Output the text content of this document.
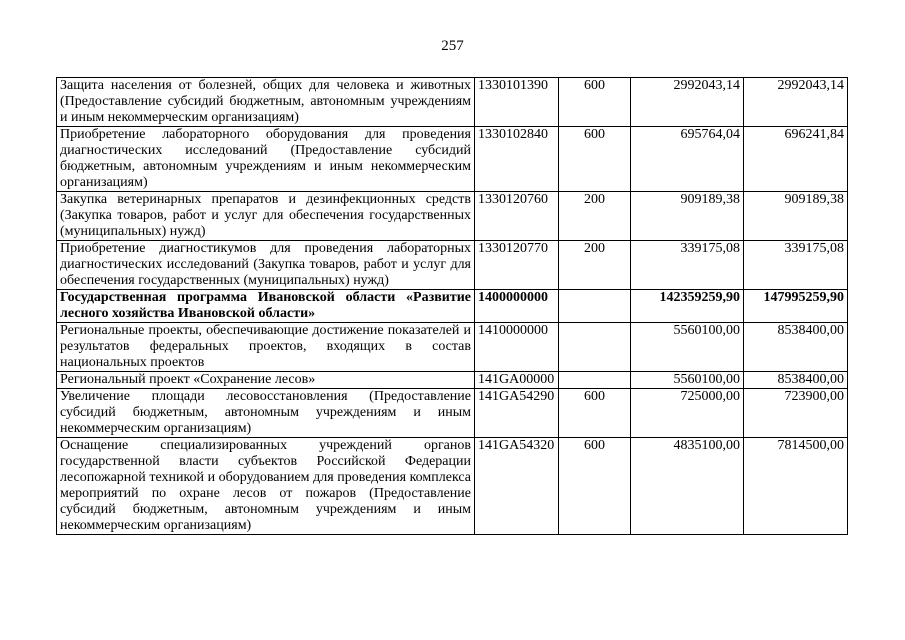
257
Защита населения от болезней, общих для человека и животных (Предоставление субсидий бюджетным, автономным учреждениям и иным некоммерческим организациям)	1330101390	600	2992043,14	2992043,14
Приобретение лабораторного оборудования для проведения диагностических исследований (Предоставление субсидий бюджетным, автономным учреждениям и иным некоммерческим организациям)	1330102840	600	695764,04	696241,84
Закупка ветеринарных препаратов и дезинфекционных средств (Закупка товаров, работ и услуг для обеспечения государственных (муниципальных) нужд)	1330120760	200	909189,38	909189,38
Приобретение диагностикумов для проведения лабораторных диагностических исследований (Закупка товаров, работ и услуг для обеспечения государственных (муниципальных) нужд)	1330120770	200	339175,08	339175,08
Государственная программа Ивановской области «Развитие лесного хозяйства Ивановской области»	1400000000		142359259,90	147995259,90
Региональные проекты, обеспечивающие достижение показателей и результатов федеральных проектов, входящих в состав национальных проектов	1410000000		5560100,00	8538400,00
Региональный проект «Сохранение лесов»	141GA00000		5560100,00	8538400,00
Увеличение площади лесовосстановления (Предоставление субсидий бюджетным, автономным учреждениям и иным некоммерческим организациям)	141GA54290	600	725000,00	723900,00
Оснащение специализированных учреждений органов государственной власти субъектов Российской Федерации лесопожарной техникой и оборудованием для проведения комплекса мероприятий по охране лесов от пожаров (Предоставление субсидий бюджетным, автономным учреждениям и иным некоммерческим организациям)	141GA54320	600	4835100,00	7814500,00
